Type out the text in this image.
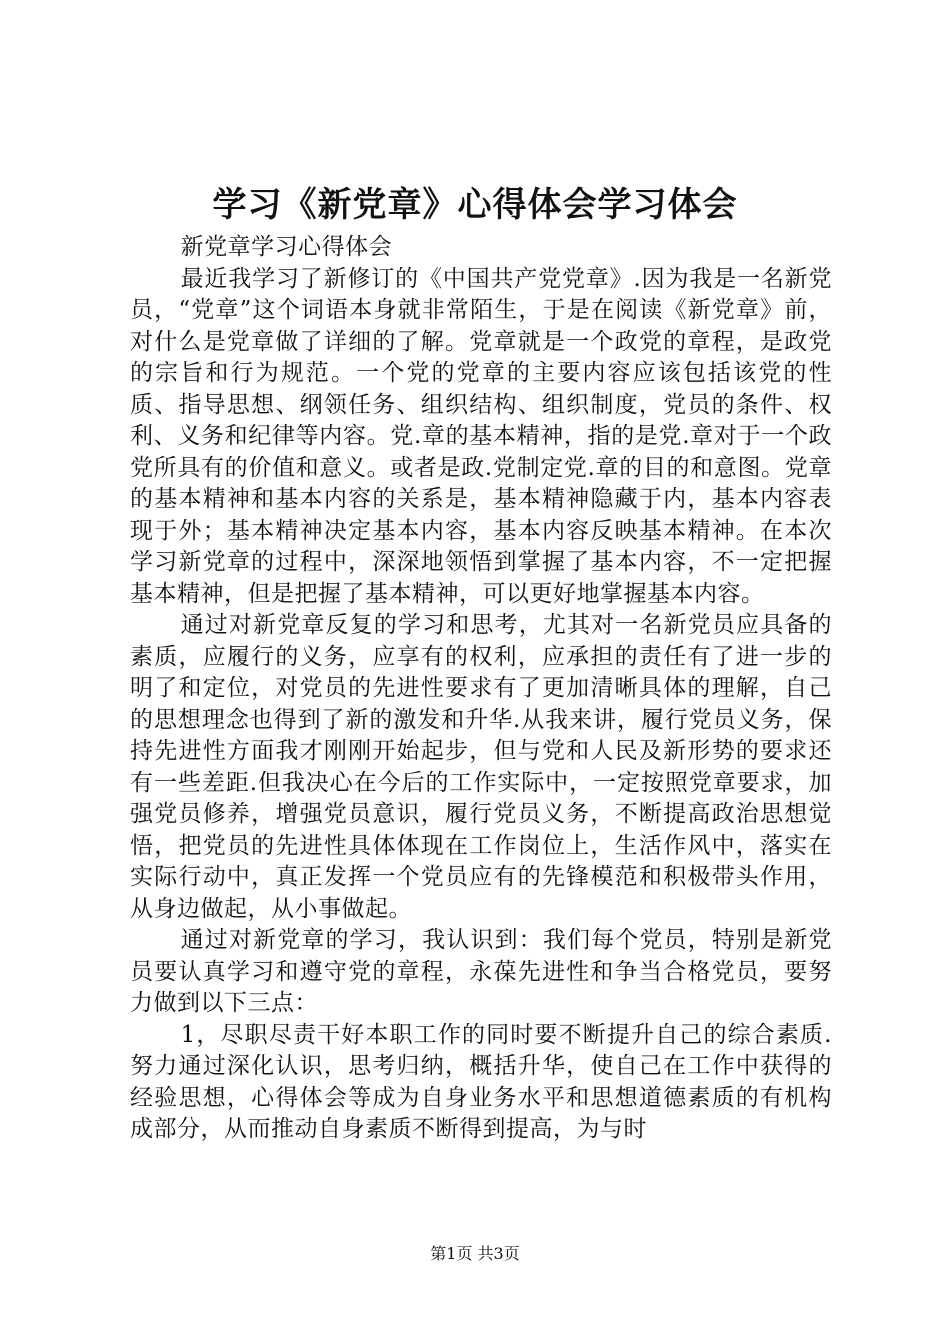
学习《新党章》心得体会学习体会

新党章学习心得体会

最近我学习了新修订的《中国共产党党章》.因为我是一名新党员，“党章”这个词语本身就非常陌生，于是在阅读《新党章》前，对什么是党章做了详细的了解。党章就是一个政党的章程，是政党的宗旨和行为规范。一个党的党章的主要内容应该包括该党的性质、指导思想、纲领任务、组织结构、组织制度，党员的条件、权利、义务和纪律等内容。党.章的基本精神，指的是党.章对于一个政党所具有的价值和意义。或者是政.党制定党.章的目的和意图。党章的基本精神和基本内容的关系是，基本精神隐藏于内，基本内容表现于外；基本精神决定基本内容，基本内容反映基本精神。在本次学习新党章的过程中，深深地领悟到掌握了基本内容，不一定把握基本精神，但是把握了基本精神，可以更好地掌握基本内容。

通过对新党章反复的学习和思考，尤其对一名新党员应具备的素质，应履行的义务，应享有的权利，应承担的责任有了进一步的明了和定位，对党员的先进性要求有了更加清晰具体的理解，自己的思想理念也得到了新的激发和升华.从我来讲，履行党员义务，保持先进性方面我才刚刚开始起步，但与党和人民及新形势的要求还有一些差距.但我决心在今后的工作实际中，一定按照党章要求，加强党员修养，增强党员意识，履行党员义务，不断提高政治思想觉悟，把党员的先进性具体体现在工作岗位上，生活作风中，落实在实际行动中，真正发挥一个党员应有的先锋模范和积极带头作用，从身边做起，从小事做起。

通过对新党章的学习，我认识到：我们每个党员，特别是新党员要认真学习和遵守党的章程，永葆先进性和争当合格党员，要努力做到以下三点：

1，尽职尽责干好本职工作的同时要不断提升自己的综合素质.努力通过深化认识，思考归纳，概括升华，使自己在工作中获得的经验思想，心得体会等成为自身业务水平和思想道德素质的有机构成部分，从而推动自身素质不断得到提高，为与时

第1页 共3页
